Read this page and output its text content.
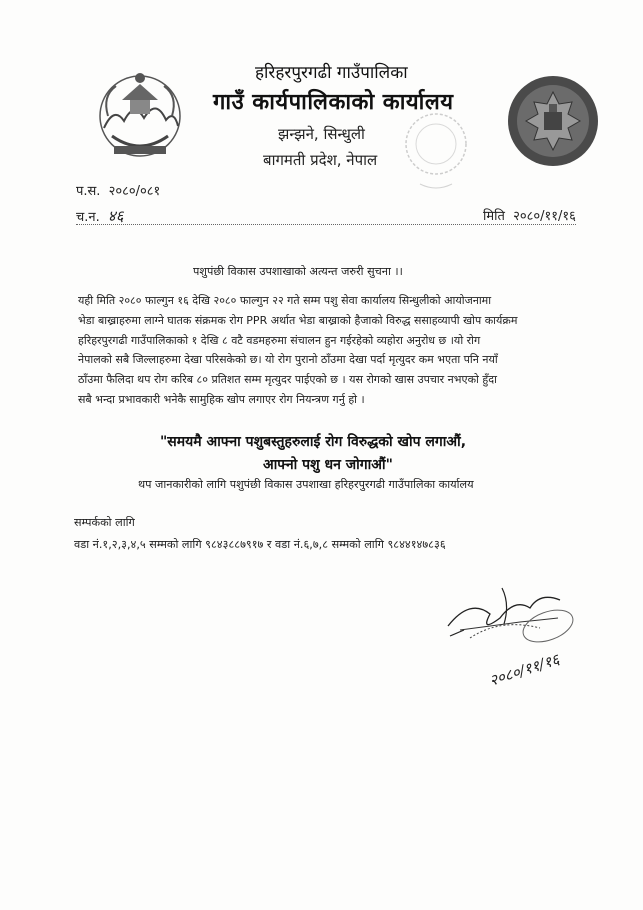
हरिहरपुरगढी गाउँपालिका
गाउँ कार्यपालिकाको कार्यालय
झन्झने, सिन्धुली
बागमती प्रदेश, नेपाल
प.स. २०८०/०८१
च.न. ४६	मिति २०८०/११/१६
पशुपंछी विकास उपशाखाको अत्यन्त जरुरी सुचना ।।
यही मिति २०८० फाल्गुन १६ देखि २०८० फाल्गुन २२ गते सम्म पशु सेवा कार्यालय सिन्धुलीको आयोजनामा
भेडा बाख्राहरुमा लाग्ने घातक संक्रमक रोग PPR अर्थात भेडा बाख्राको हैजाको विरुद्ध ससाहव्यापी खोप कार्यक्रम
हरिहरपुरगढी गाउँपालिकाको १ देखि ८ वटै वडमहरुमा संचालन हुन गईरहेको व्यहोरा अनुरोध छ ।यो रोग
नेपालको सबै जिल्लाहरुमा देखा परिसकेको छ। यो रोग पुरानो ठाँउमा देखा पर्दा मृत्युदर कम भएता पनि नयाँ
ठाँउमा फैलिदा थप रोग करिब ८० प्रतिशत सम्म मृत्युदर पाईएको छ । यस रोगको खास उपचार नभएको हुँदा
सबै भन्दा प्रभावकारी भनेकै सामुहिक खोप लगाएर रोग नियन्त्रण गर्नु हो ।
"समयमै आफ्ना पशुबस्तुहरुलाई रोग विरुद्धको खोप लगाऔं,
आफ्नो पशु धन जोगाऔं"
थप जानकारीको लागि पशुपंछी विकास उपशाखा हरिहरपुरगढी गाउँपालिका कार्यालय
सम्पर्कको लागि
वडा नं.१,२,३,४,५ सम्मको लागि ९८४३८८७९१७ र वडा नं.६,७,८ सम्मको लागि ९८४४१४७८३६
२०८०/११/१६
